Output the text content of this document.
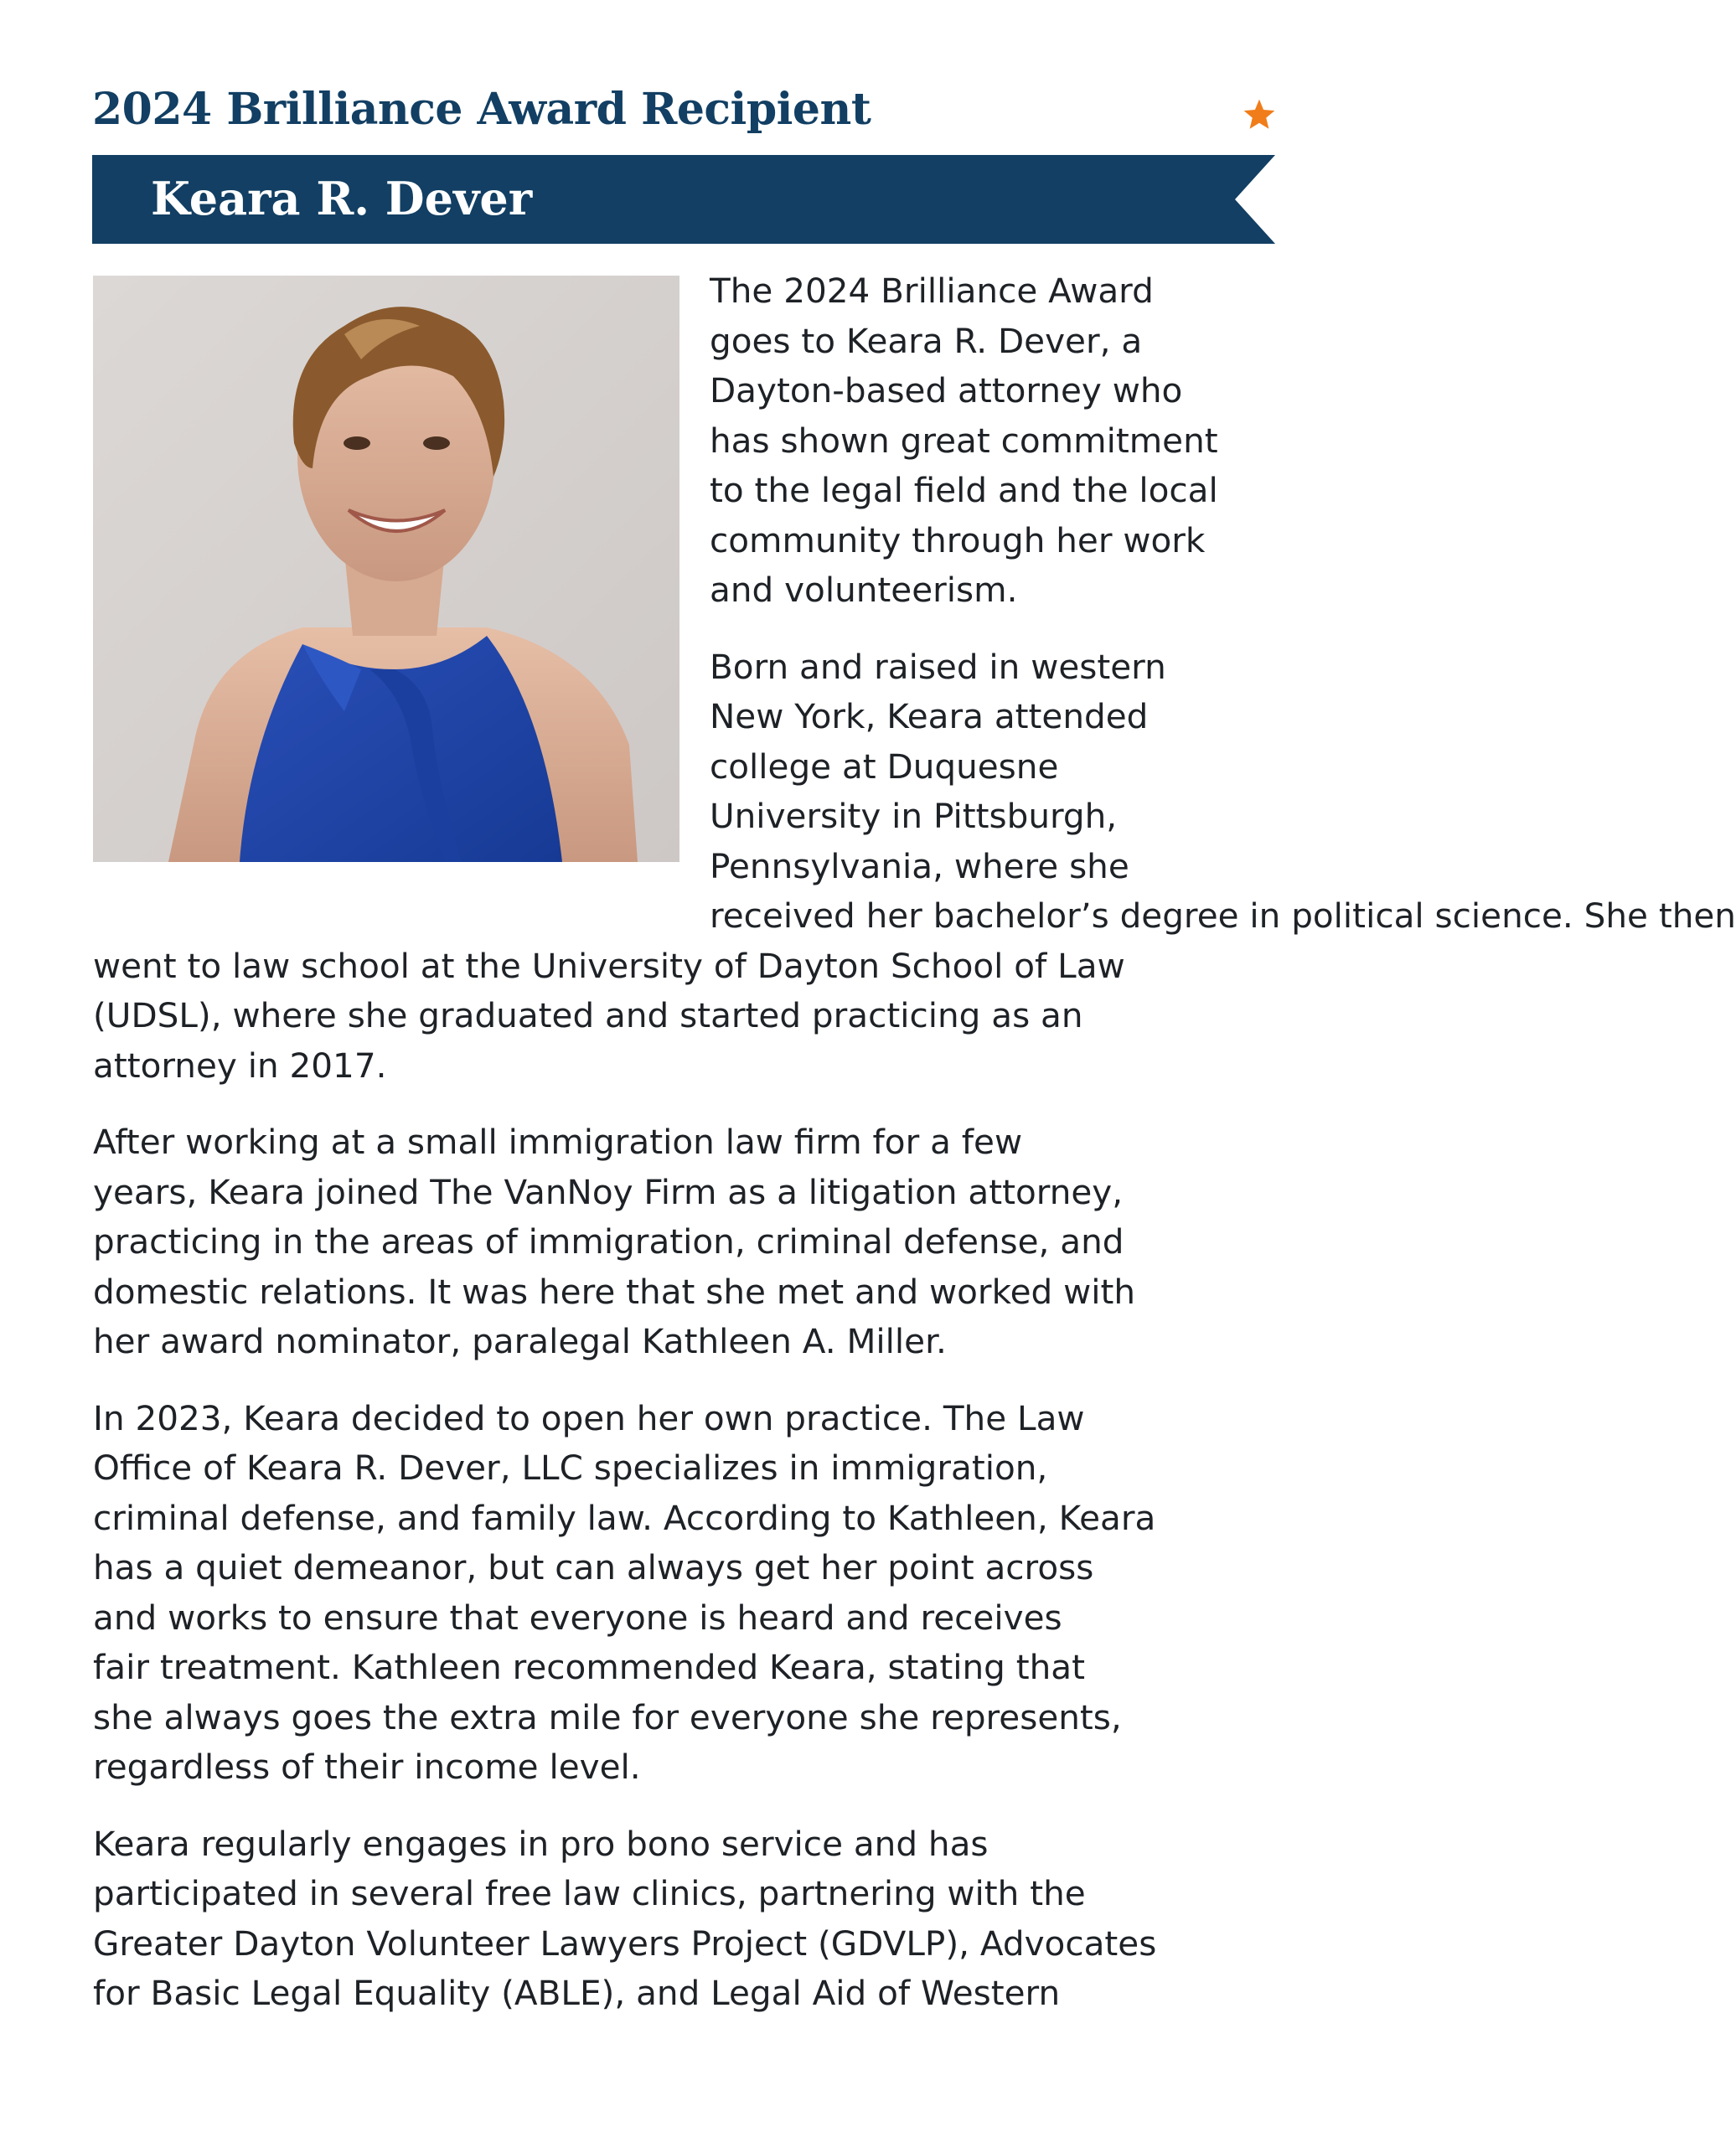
2024 Brilliance Award Recipient
Keara R. Dever

The 2024 Brilliance Award
goes to Keara R. Dever, a
Dayton-based attorney who
has shown great commitment
to the legal field and the local
community through her work
and volunteerism.

Born and raised in western
New York, Keara attended
college at Duquesne
University in Pittsburgh,
Pennsylvania, where she
received her bachelor’s degree in political science. She then
went to law school at the University of Dayton School of Law
(UDSL), where she graduated and started practicing as an
attorney in 2017.

After working at a small immigration law firm for a few
years, Keara joined The VanNoy Firm as a litigation attorney,
practicing in the areas of immigration, criminal defense, and
domestic relations. It was here that she met and worked with
her award nominator, paralegal Kathleen A. Miller.

In 2023, Keara decided to open her own practice. The Law
Office of Keara R. Dever, LLC specializes in immigration,
criminal defense, and family law. According to Kathleen, Keara
has a quiet demeanor, but can always get her point across
and works to ensure that everyone is heard and receives
fair treatment. Kathleen recommended Keara, stating that
she always goes the extra mile for everyone she represents,
regardless of their income level.

Keara regularly engages in pro bono service and has
participated in several free law clinics, partnering with the
Greater Dayton Volunteer Lawyers Project (GDVLP), Advocates
for Basic Legal Equality (ABLE), and Legal Aid of Western
